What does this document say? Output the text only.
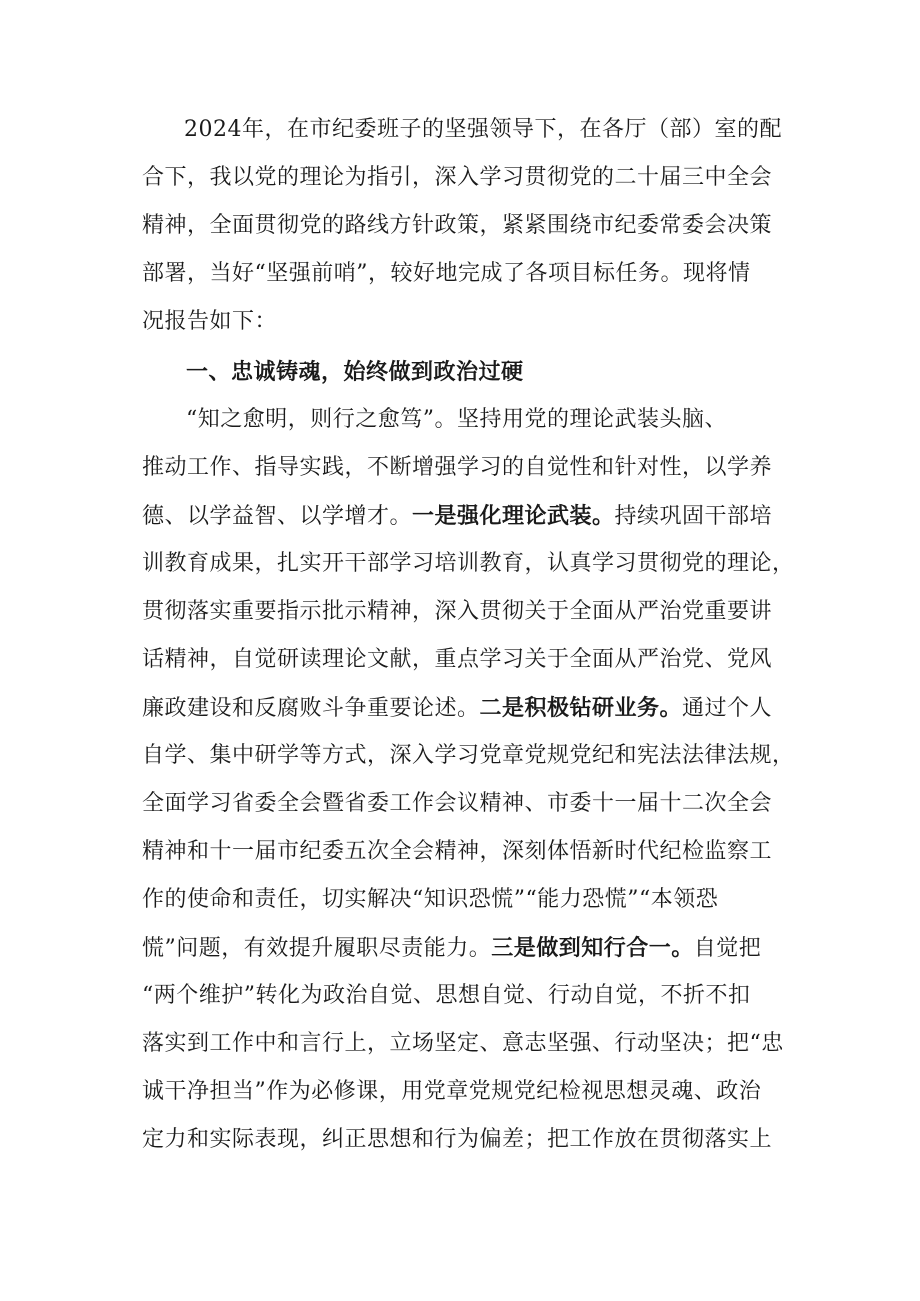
2024年，在市纪委班子的坚强领导下，在各厅（部）室的配
合下，我以党的理论为指引，深入学习贯彻党的二十届三中全会
精神，全面贯彻党的路线方针政策，紧紧围绕市纪委常委会决策
部署，当好“坚强前哨”，较好地完成了各项目标任务。现将情
况报告如下：
一、忠诚铸魂，始终做到政治过硬
“知之愈明，则行之愈笃”。坚持用党的理论武装头脑、
推动工作、指导实践，不断增强学习的自觉性和针对性，以学养
德、以学益智、以学增才。一是强化理论武装。持续巩固干部培
训教育成果，扎实开干部学习培训教育，认真学习贯彻党的理论，
贯彻落实重要指示批示精神，深入贯彻关于全面从严治党重要讲
话精神，自觉研读理论文献，重点学习关于全面从严治党、党风
廉政建设和反腐败斗争重要论述。二是积极钻研业务。通过个人
自学、集中研学等方式，深入学习党章党规党纪和宪法法律法规，
全面学习省委全会暨省委工作会议精神、市委十一届十二次全会
精神和十一届市纪委五次全会精神，深刻体悟新时代纪检监察工
作的使命和责任，切实解决“知识恐慌”“能力恐慌”“本领恐
慌”问题，有效提升履职尽责能力。三是做到知行合一。自觉把
“两个维护”转化为政治自觉、思想自觉、行动自觉，不折不扣
落实到工作中和言行上，立场坚定、意志坚强、行动坚决；把“忠
诚干净担当”作为必修课，用党章党规党纪检视思想灵魂、政治
定力和实际表现，纠正思想和行为偏差；把工作放在贯彻落实上
